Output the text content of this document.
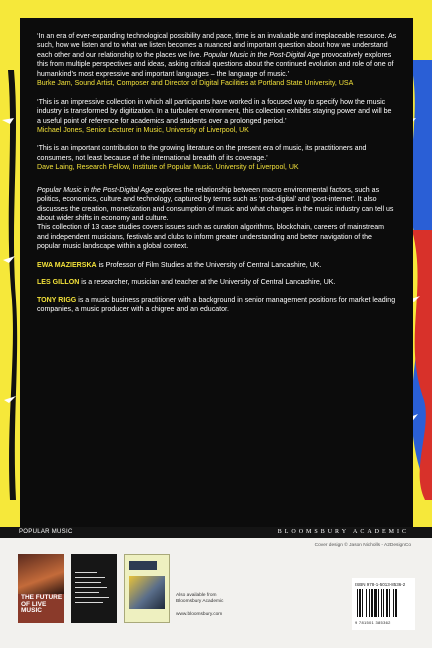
‘In an era of ever-expanding technological possibility and pace, time is an invaluable and irreplaceable resource. As such, how we listen and to what we listen becomes a nuanced and important question about how we understand each other and our relationship to the places we live. Popular Music in the Post-Digital Age provocatively explores this from multiple perspectives and ideas, asking critical questions about the continued evolution and role of one of humankind’s most expressive and important languages – the language of music.’
Burke Jam, Sound Artist, Composer and Director of Digital Facilities at Portland State University, USA

‘This is an impressive collection in which all participants have worked in a focused way to specify how the music industry is transformed by digitization. In a turbulent environment, this collection exhibits staying power and will be a useful point of reference for academics and students over a prolonged period.’
Michael Jones, Senior Lecturer in Music, University of Liverpool, UK

‘This is an important contribution to the growing literature on the present era of music, its practitioners and consumers, not least because of the international breadth of its coverage.’
Dave Laing, Research Fellow, Institute of Popular Music, University of Liverpool, UK

Popular Music in the Post-Digital Age explores the relationship between macro environmental factors, such as politics, economics, culture and technology, captured by terms such as ‘post-digital’ and ‘post-internet’. It also discusses the creation, monetization and consumption of music and what changes in the music industry can tell us about wider shifts in economy and culture.
This collection of 13 case studies covers issues such as curation algorithms, blockchain, careers of mainstream and independent musicians, festivals and clubs to inform greater understanding and better navigation of the popular music landscape within a global context.

EWA MAZIERSKA is Professor of Film Studies at the University of Central Lancashire, UK.

LES GILLON is a researcher, musician and teacher at the University of Central Lancashire, UK.

TONY RIGG is a music business practitioner with a background in senior management positions for market leading companies, a music producer with a chigree and an educator.

POPULAR MUSIC	BLOOMSBURY ACADEMIC
Cover design © Jason Nicholls - A2DesignCo
THE FUTURE OF LIVE MUSIC
Also available from
Bloomsbury Academic
www.bloomsbury.com
ISBN 978-1-5013-8536-2
9 781501 385362
